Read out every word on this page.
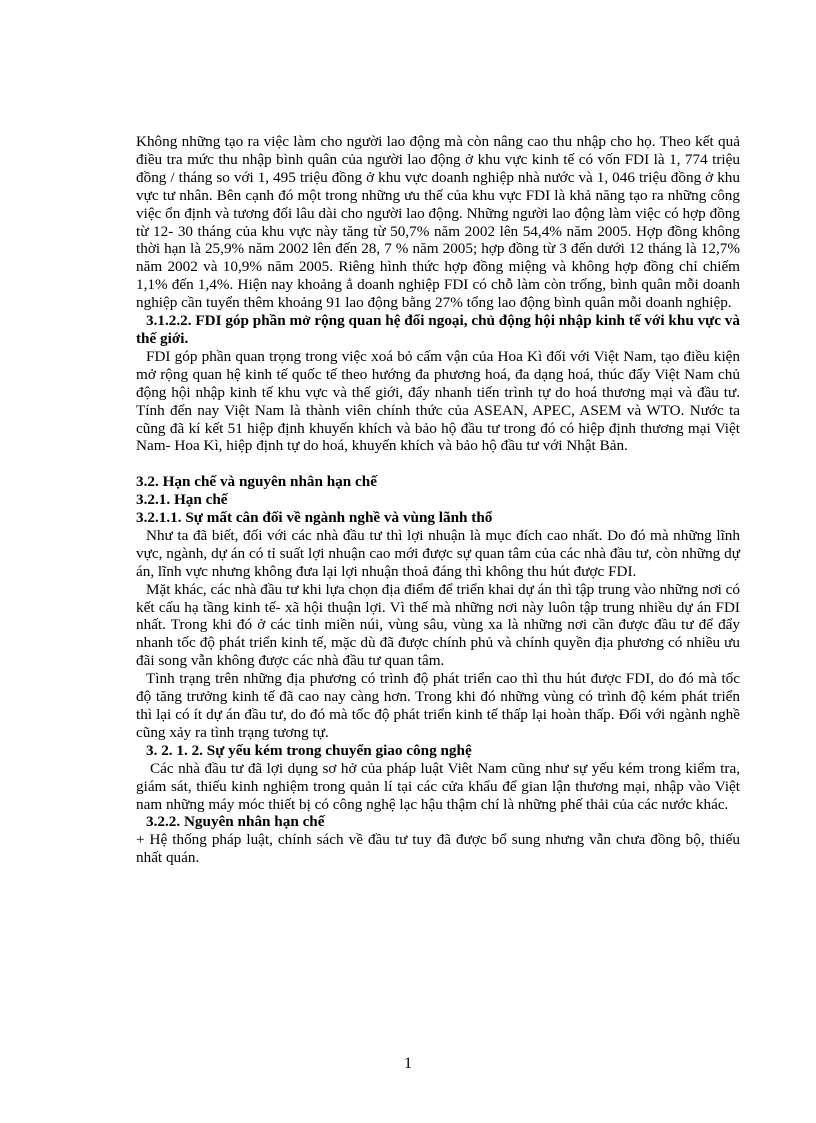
Không những tạo ra việc làm cho người lao động mà còn nâng cao thu nhập cho họ. Theo kết quả điều tra mức thu nhập bình quân của người lao động ở khu vực kinh tế có vốn FDI là 1, 774 triệu đồng / tháng so với 1, 495 triệu đồng ở khu vực doanh nghiệp nhà nước và 1, 046 triệu đồng ở khu vực tư nhân. Bên cạnh đó một trong những ưu thế của khu vực FDI là khả năng tạo ra những công việc ổn định và tương đối lâu dài cho người lao động. Những người lao động làm việc có hợp đồng từ 12- 30 tháng của khu vực này tăng từ 50,7% năm 2002 lên 54,4% năm 2005. Hợp đồng không thời hạn là 25,9% năm 2002 lên đến 28, 7 % năm 2005; hợp đồng từ 3 đến dưới 12 tháng là 12,7% năm 2002 và 10,9% năm 2005. Riêng hình thức hợp đồng miệng và không hợp đồng chỉ chiếm 1,1% đến 1,4%. Hiện nay khoảng ẳ doanh nghiệp FDI có chỗ làm còn trống, bình quân mỗi doanh nghiệp cần tuyển thêm khoảng 91 lao động bằng 27% tổng lao động bình quân mỗi doanh nghiệp.

3.1.2.2. FDI góp phần mở rộng quan hệ đối ngoại, chủ động hội nhập kinh tế với khu vực và thế giới.

FDI góp phần quan trọng trong việc xoá bỏ cấm vận của Hoa Kì đối với Việt Nam, tạo điều kiện mở rộng quan hệ kinh tế quốc tế theo hướng đa phương hoá, đa dạng hoá, thúc đẩy Việt Nam chủ động hội nhập kinh tế khu vực và thế giới, đẩy nhanh tiến trình tự do hoá thương mại và đầu tư. Tính đến nay Việt Nam là thành viên chính thức của ASEAN, APEC, ASEM và WTO. Nước ta cũng đã kí kết 51 hiệp định khuyến khích và bảo hộ đầu tư trong đó có hiệp định thương mại Việt Nam- Hoa Kì, hiệp định tự do hoá, khuyến khích và bảo hộ đầu tư với Nhật Bản.

3.2. Hạn chế và nguyên nhân hạn chế

3.2.1. Hạn chế

3.2.1.1. Sự mất cân đối về ngành nghề và vùng lãnh thổ

Như ta đã biết, đối với các nhà đầu tư thì lợi nhuận là mục đích cao nhất. Do đó mà những lĩnh vực, ngành, dự án có tỉ suất lợi nhuận cao mới được sự quan tâm của các nhà đầu tư, còn những dự án, lĩnh vực nhưng không đưa lại lợi nhuận thoả đáng thì không thu hút được FDI.

Mặt khác, các nhà đầu tư khi lựa chọn địa điểm để triển khai dự án thì tập trung vào những nơi có kết cấu hạ tầng kinh tế- xã hội thuận lợi. Vì thế mà những nơi này luôn tập trung nhiều dự án FDI nhất. Trong khi đó ở các tỉnh miền núi, vùng sâu, vùng xa là những nơi cần được đầu tư để đẩy nhanh tốc độ phát triển kinh tế, mặc dù đã được chính phủ và chính quyền địa phương có nhiều ưu đãi song vẫn không được các nhà đầu tư quan tâm.

Tình trạng trên những địa phương có trình độ phát triển cao thì thu hút được FDI, do đó mà tốc độ tăng trưởng kinh tế đã cao nay càng hơn. Trong khi đó những vùng có trình độ kém phát triển thì lại có ít dự án đầu tư, do đó mà tốc độ phát triển kinh tế thấp lại hoàn thấp. Đối với ngành nghề cũng xảy ra tình trạng tương tự.

3. 2. 1. 2. Sự yếu kém trong chuyển giao công nghệ

Các nhà đầu tư đã lợi dụng sơ hở của pháp luật Viêt Nam cũng như sự yếu kém trong kiểm tra, giám sát, thiếu kinh nghiệm trong quản lí tại các cửa khẩu để gian lận thương mại, nhập vào Việt nam những máy móc thiết bị có công nghệ lạc hậu thậm chí là những phế thải của các nước khác.

3.2.2. Nguyên nhân hạn chế

+ Hệ thống pháp luật, chính sách về đầu tư tuy đã được bổ sung nhưng vẫn chưa đồng bộ, thiếu nhất quán.

1
